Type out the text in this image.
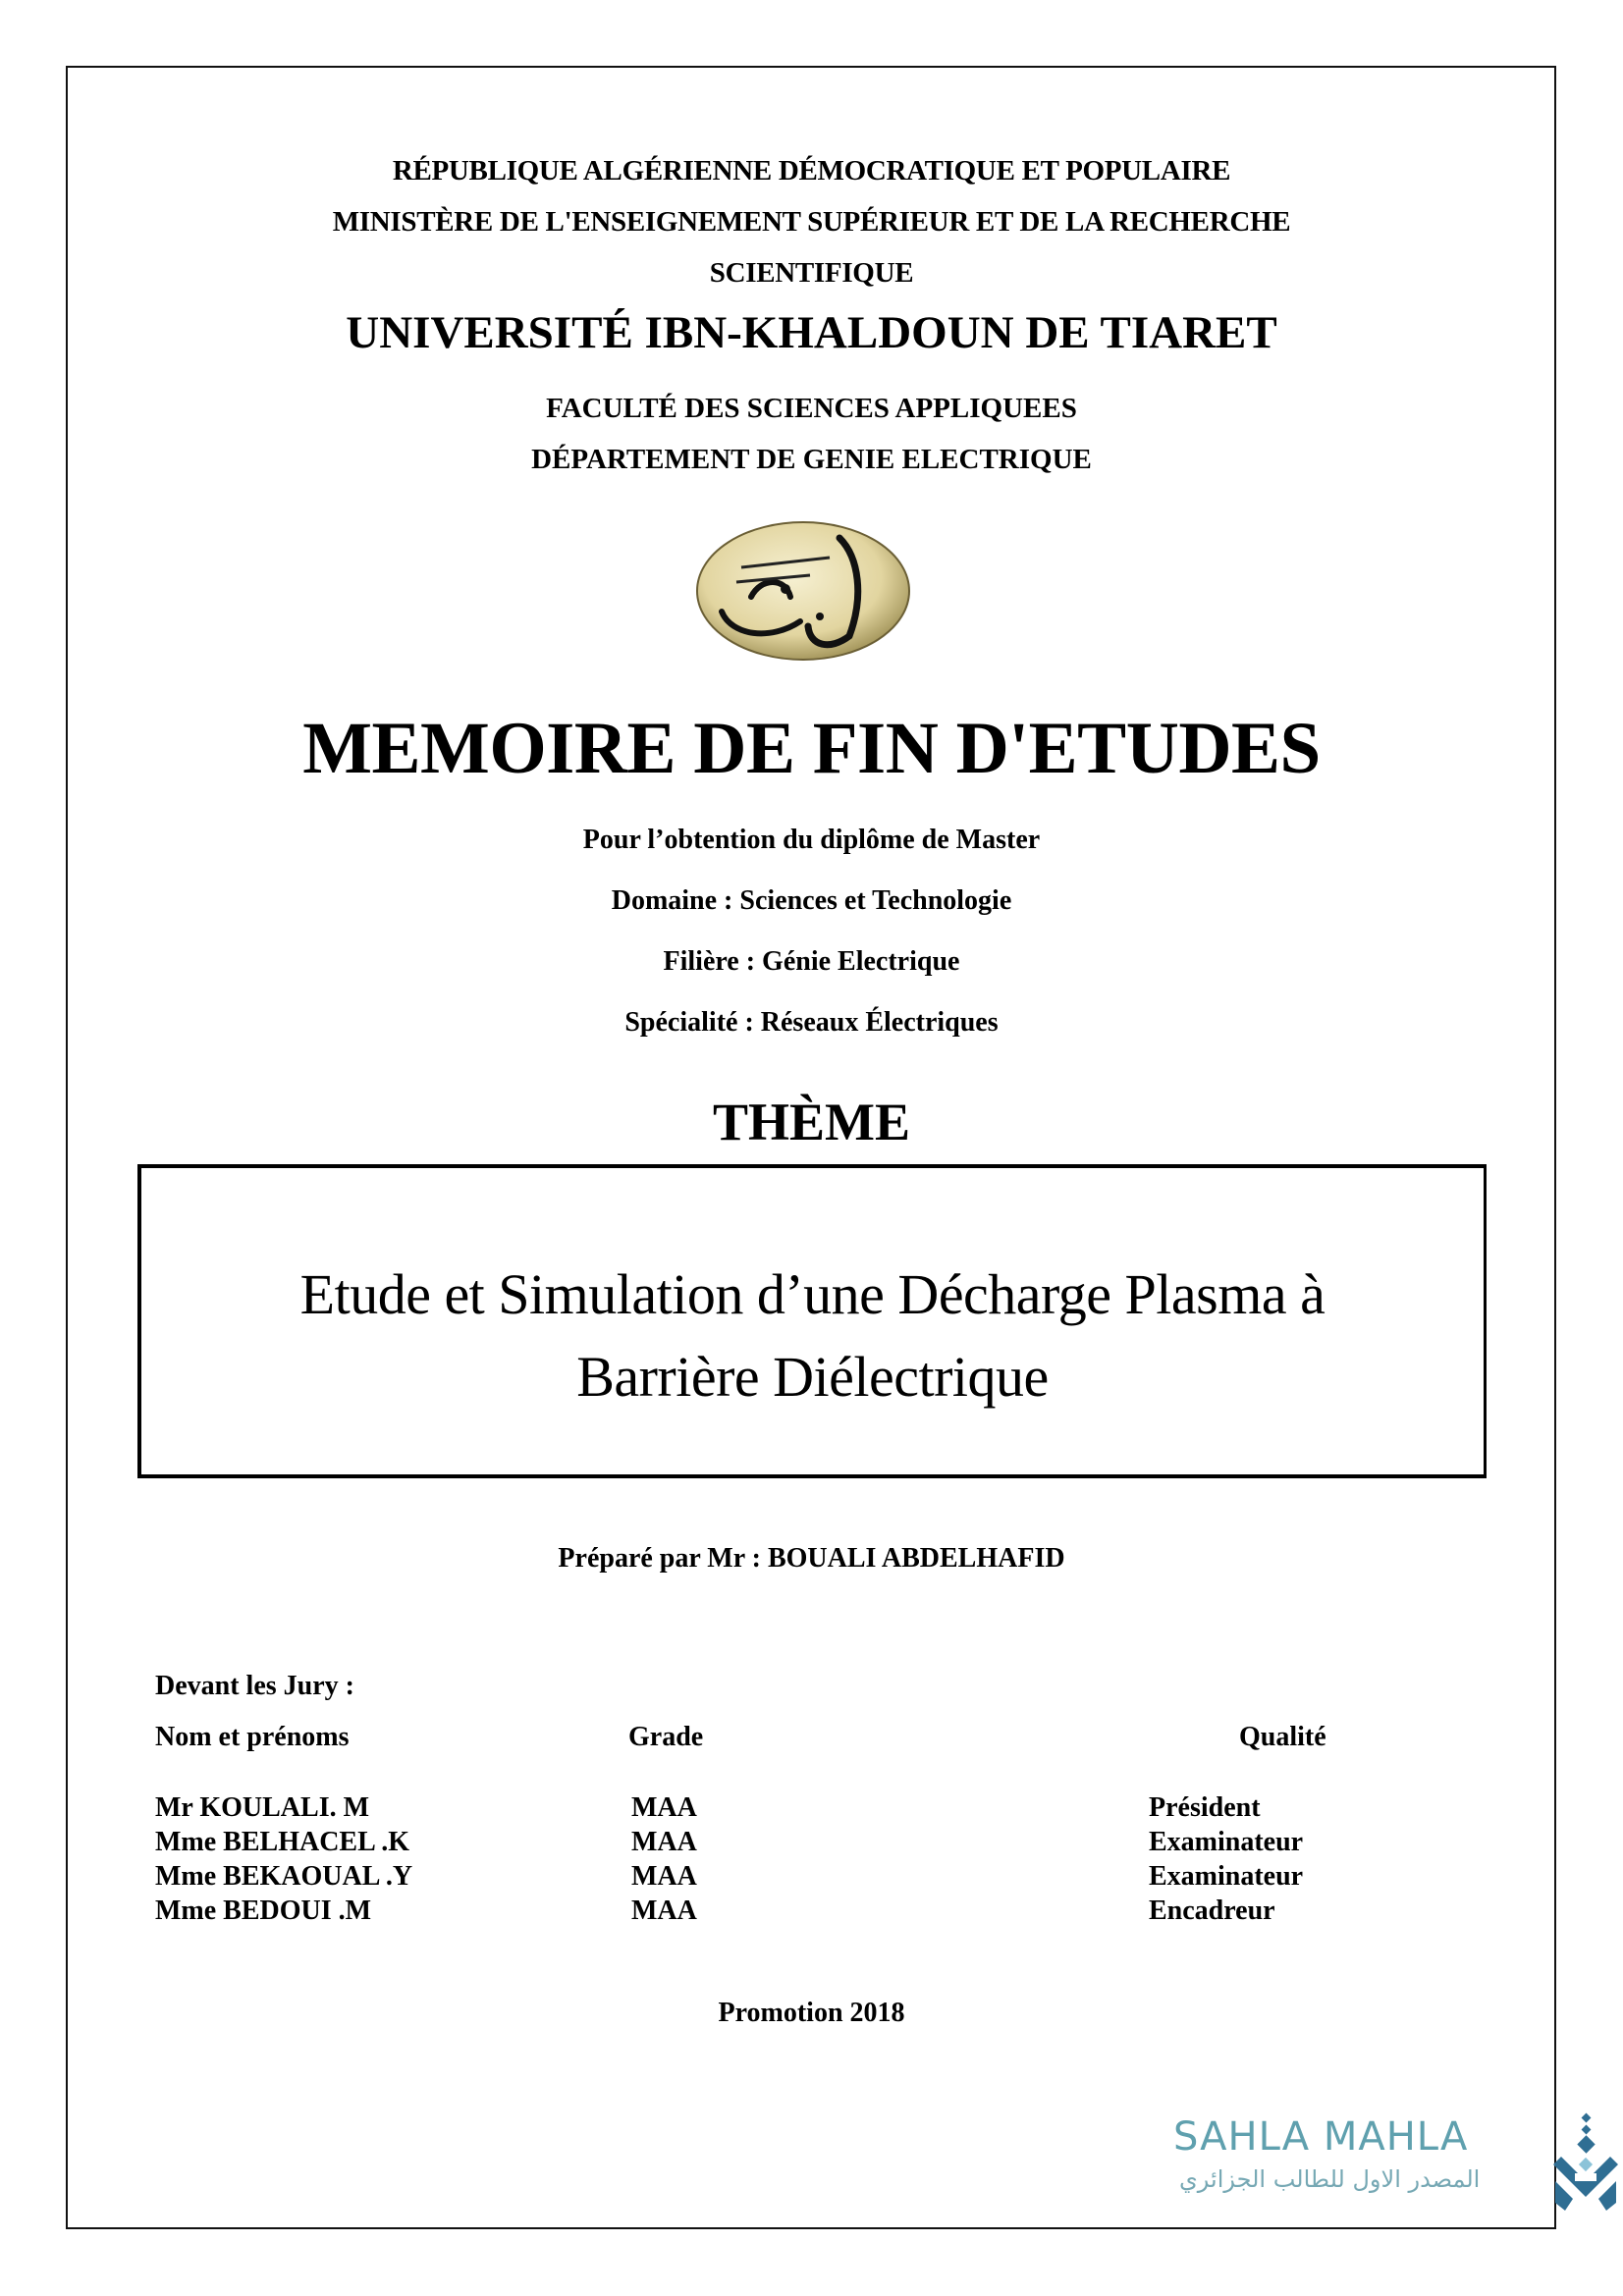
RÉPUBLIQUE ALGÉRIENNE DÉMOCRATIQUE ET POPULAIRE
MINISTÈRE DE L'ENSEIGNEMENT SUPÉRIEUR ET DE LA RECHERCHE
SCIENTIFIQUE
UNIVERSITÉ IBN-KHALDOUN DE TIARET
FACULTÉ DES SCIENCES APPLIQUEES
DÉPARTEMENT DE GENIE ELECTRIQUE
MEMOIRE DE FIN D'ETUDES
Pour l’obtention du diplôme de Master
Domaine : Sciences et Technologie
Filière : Génie Electrique
Spécialité : Réseaux Électriques
THÈME
Etude et Simulation d’une Décharge Plasma à
Barrière Diélectrique
Préparé par Mr : BOUALI ABDELHAFID
Devant les Jury :
Nom et prénoms	Grade	Qualité
Mr KOULALI. M	MAA	Président
Mme BELHACEL .K	MAA	Examinateur
Mme BEKAOUAL .Y	MAA	Examinateur
Mme BEDOUI .M	MAA	Encadreur
Promotion 2018
SAHLA MAHLA
المصدر الاول للطالب الجزائري
